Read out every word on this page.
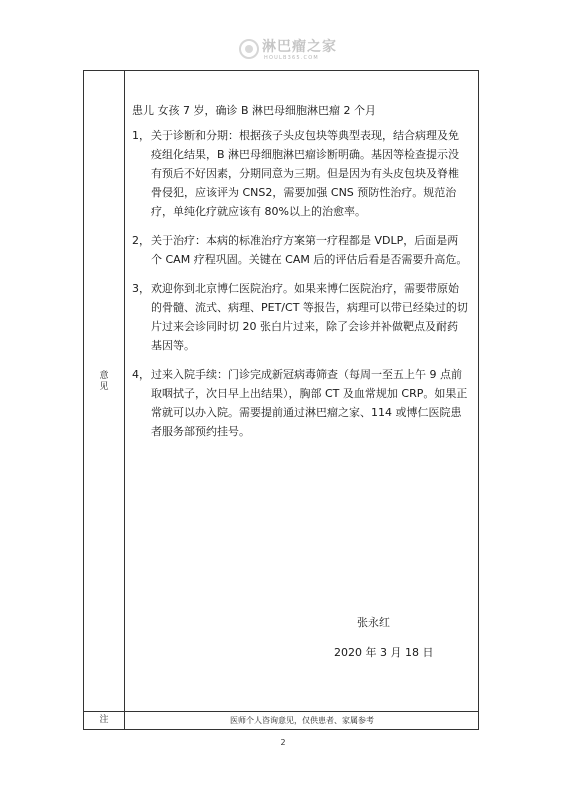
淋巴瘤之家
HOULB365.COM
意见
注	医师个人咨询意见，仅供患者、家属参考

患儿 女孩 7 岁，确诊 B 淋巴母细胞淋巴瘤 2 个月

1， 关于诊断和分期：根据孩子头皮包块等典型表现，结合病理及免疫组化结果，B 淋巴母细胞淋巴瘤诊断明确。基因等检查提示没有预后不好因素，分期同意为三期。但是因为有头皮包块及脊椎骨侵犯，应该评为 CNS2，需要加强 CNS 预防性治疗。规范治疗，单纯化疗就应该有 80%以上的治愈率。
2， 关于治疗：本病的标准治疗方案第一疗程都是 VDLP，后面是两个 CAM 疗程巩固。关键在 CAM 后的评估后看是否需要升高危。
3， 欢迎你到北京博仁医院治疗。如果来博仁医院治疗，需要带原始的骨髓、流式、病理、PET/CT 等报告，病理可以带已经染过的切片过来会诊同时切 20 张白片过来，除了会诊并补做靶点及耐药基因等。
4， 过来入院手续：门诊完成新冠病毒筛查（每周一至五上午 9 点前取咽拭子，次日早上出结果），胸部 CT 及血常规加 CRP。如果正常就可以办入院。需要提前通过淋巴瘤之家、114 或博仁医院患者服务部预约挂号。
张永红
2020 年 3 月 18 日
2
